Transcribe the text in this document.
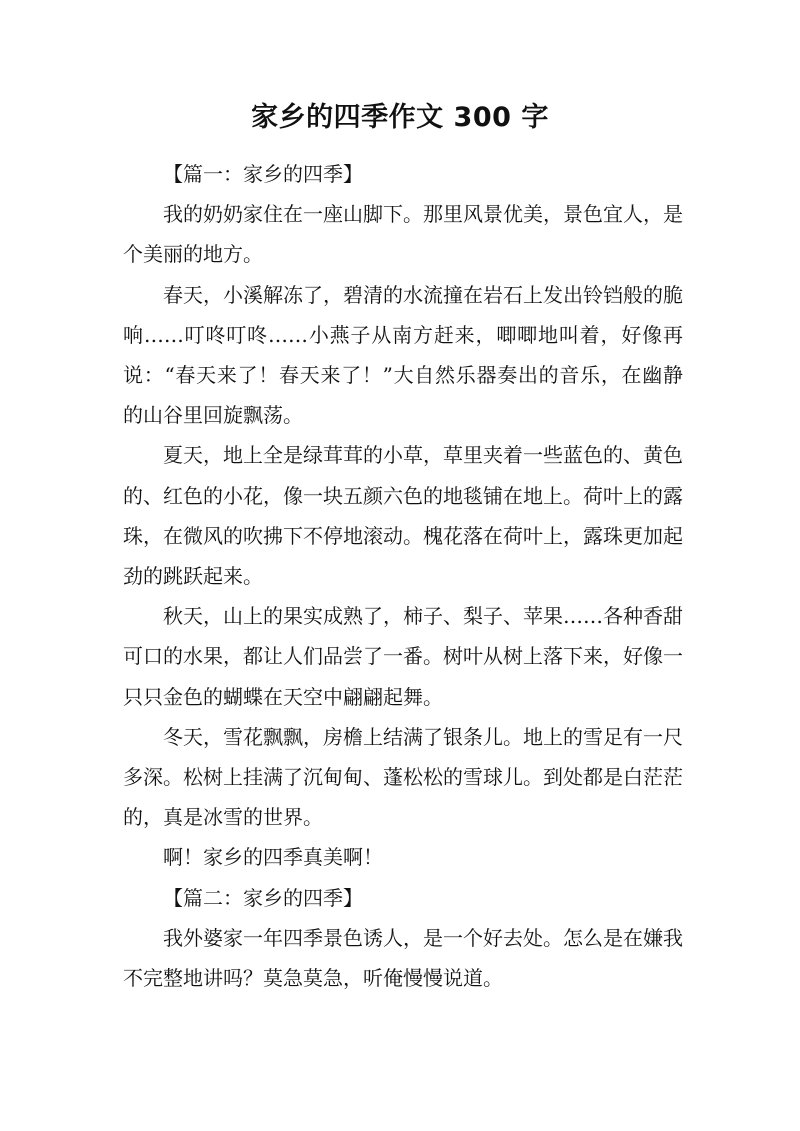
家乡的四季作文 300 字

【篇一：家乡的四季】

我的奶奶家住在一座山脚下。那里风景优美，景色宜人，是个美丽的地方。

春天，小溪解冻了，碧清的水流撞在岩石上发出铃铛般的脆响……叮咚叮咚……小燕子从南方赶来，唧唧地叫着，好像再说：“春天来了！春天来了！”大自然乐器奏出的音乐，在幽静的山谷里回旋飘荡。

夏天，地上全是绿茸茸的小草，草里夹着一些蓝色的、黄色的、红色的小花，像一块五颜六色的地毯铺在地上。荷叶上的露珠，在微风的吹拂下不停地滚动。槐花落在荷叶上，露珠更加起劲的跳跃起来。

秋天，山上的果实成熟了，柿子、梨子、苹果……各种香甜可口的水果，都让人们品尝了一番。树叶从树上落下来，好像一只只金色的蝴蝶在天空中翩翩起舞。

冬天，雪花飘飘，房檐上结满了银条儿。地上的雪足有一尺多深。松树上挂满了沉甸甸、蓬松松的雪球儿。到处都是白茫茫的，真是冰雪的世界。

啊！家乡的四季真美啊！

【篇二：家乡的四季】

我外婆家一年四季景色诱人，是一个好去处。怎么是在嫌我不完整地讲吗？莫急莫急，听俺慢慢说道。
